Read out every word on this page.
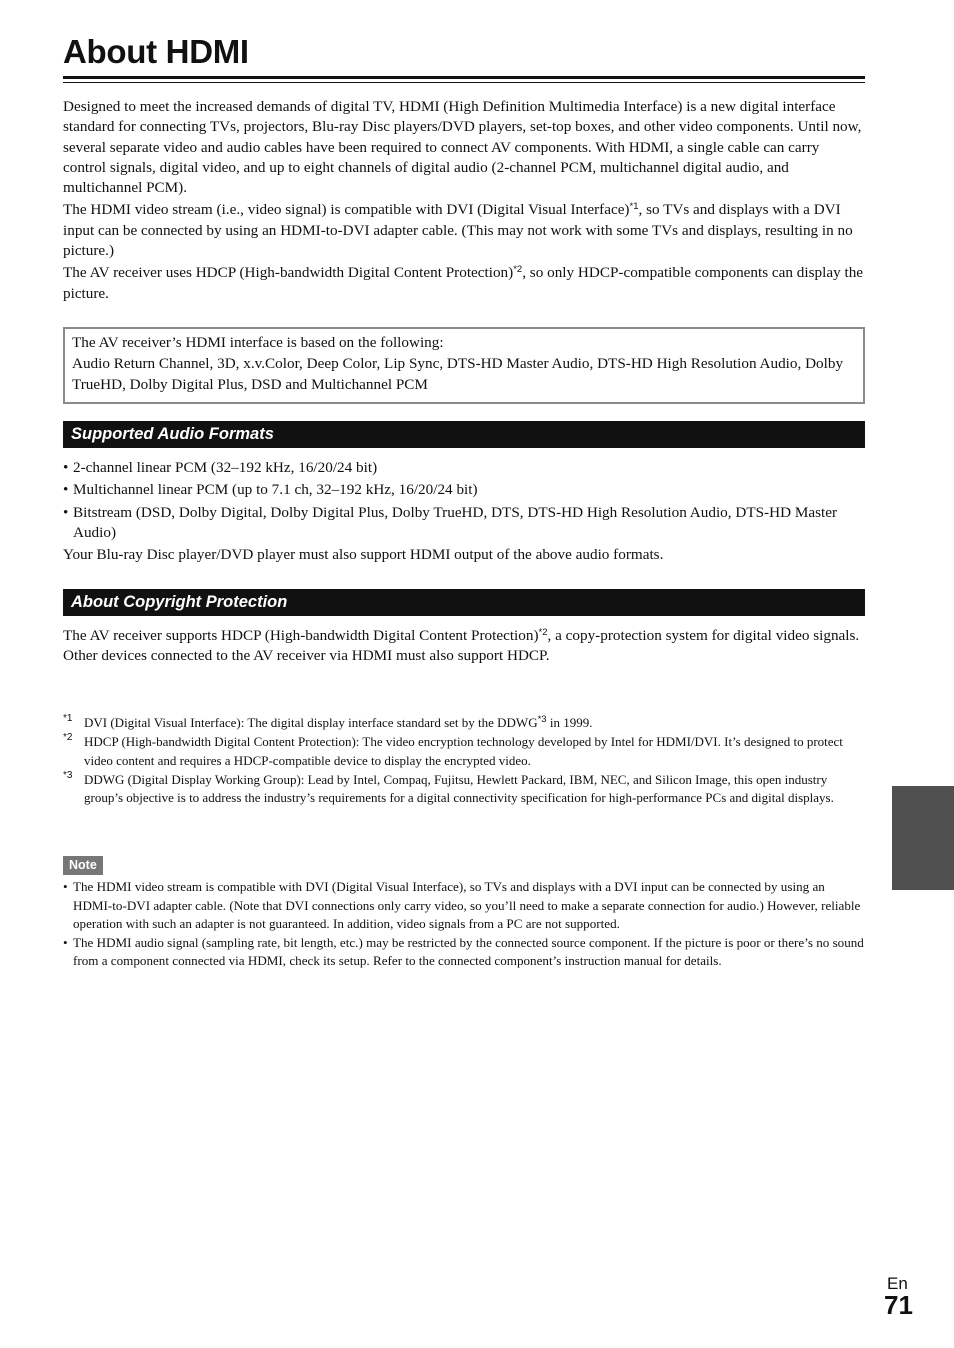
About HDMI

Designed to meet the increased demands of digital TV, HDMI (High Definition Multimedia Interface) is a new digital interface standard for connecting TVs, projectors, Blu-ray Disc players/DVD players, set-top boxes, and other video components. Until now, several separate video and audio cables have been required to connect AV components. With HDMI, a single cable can carry control signals, digital video, and up to eight channels of digital audio (2-channel PCM, multichannel digital audio, and multichannel PCM).

The HDMI video stream (i.e., video signal) is compatible with DVI (Digital Visual Interface)$^{*1}$, so TVs and displays with a DVI input can be connected by using an HDMI-to-DVI adapter cable. (This may not work with some TVs and displays, resulting in no picture.)

The AV receiver uses HDCP (High-bandwidth Digital Content Protection)$^{*2}$, so only HDCP-compatible components can display the picture.

The AV receiver’s HDMI interface is based on the following:

Audio Return Channel, 3D, x.v.Color, Deep Color, Lip Sync, DTS-HD Master Audio, DTS-HD High Resolution Audio, Dolby TrueHD, Dolby Digital Plus, DSD and Multichannel PCM

Supported Audio Formats
• 2-channel linear PCM (32–192 kHz, 16/20/24 bit)
• Multichannel linear PCM (up to 7.1 ch, 32–192 kHz, 16/20/24 bit)
• Bitstream (DSD, Dolby Digital, Dolby Digital Plus, Dolby TrueHD, DTS, DTS-HD High Resolution Audio, DTS-HD Master Audio)

Your Blu-ray Disc player/DVD player must also support HDMI output of the above audio formats.

About Copyright Protection

The AV receiver supports HDCP (High-bandwidth Digital Content Protection)$^{*2}$, a copy-protection system for digital video signals. Other devices connected to the AV receiver via HDMI must also support HDCP.

*1 DVI (Digital Visual Interface): The digital display interface standard set by the DDWG$^{*3}$ in 1999.
*2 HDCP (High-bandwidth Digital Content Protection): The video encryption technology developed by Intel for HDMI/DVI. It’s designed to protect video content and requires a HDCP-compatible device to display the encrypted video.
*3 DDWG (Digital Display Working Group): Lead by Intel, Compaq, Fujitsu, Hewlett Packard, IBM, NEC, and Silicon Image, this open industry group’s objective is to address the industry’s requirements for a digital connectivity specification for high-performance PCs and digital displays.
Note
• The HDMI video stream is compatible with DVI (Digital Visual Interface), so TVs and displays with a DVI input can be connected by using an HDMI-to-DVI adapter cable. (Note that DVI connections only carry video, so you’ll need to make a separate connection for audio.) However, reliable operation with such an adapter is not guaranteed. In addition, video signals from a PC are not supported.
• The HDMI audio signal (sampling rate, bit length, etc.) may be restricted by the connected source component. If the picture is poor or there’s no sound from a component connected via HDMI, check its setup. Refer to the connected component’s instruction manual for details.
En
71
